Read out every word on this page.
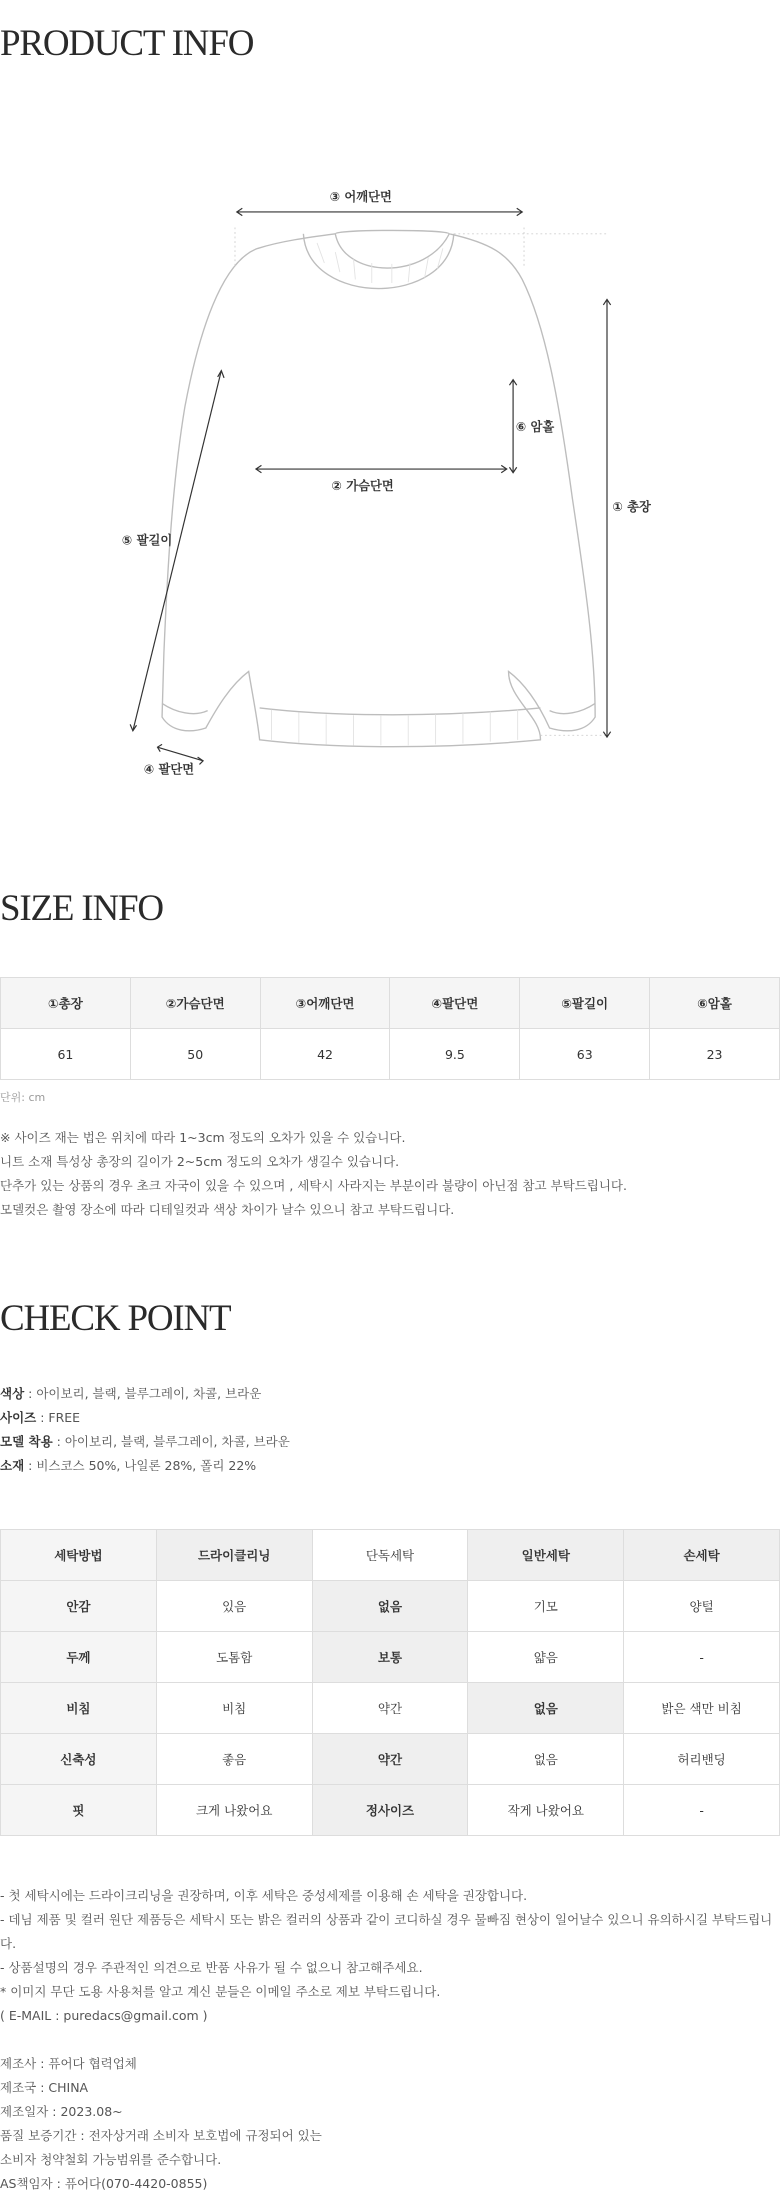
PRODUCT INFO
③ 어깨단면
⑥ 암홀
② 가슴단면
① 총장
⑤ 팔길이
④ 팔단면
SIZE INFO
①총장	②가슴단면	③어깨단면	④팔단면	⑤팔길이	⑥암홀
61	50	42	9.5	63	23
단위: cm
※ 사이즈 재는 법은 위치에 따라 1~3cm 정도의 오차가 있을 수 있습니다.
니트 소재 특성상 총장의 길이가 2~5cm 정도의 오차가 생길수 있습니다.
단추가 있는 상품의 경우 초크 자국이 있을 수 있으며 , 세탁시 사라지는 부분이라 불량이 아닌점 참고 부탁드립니다.
모델컷은 촬영 장소에 따라 디테일컷과 색상 차이가 날수 있으니 참고 부탁드립니다.
CHECK POINT

색상 : 아이보리, 블랙, 블루그레이, 차콜, 브라운

사이즈 : FREE

모델 착용 : 아이보리, 블랙, 블루그레이, 차콜, 브라운

소재 : 비스코스 50%, 나일론 28%, 폴리 22%

세탁방법	드라이클리닝	단독세탁	일반세탁	손세탁
안감	있음	없음	기모	양털
두께	도톰함	보통	얇음	-
비침	비침	약간	없음	밝은 색만 비침
신축성	좋음	약간	없음	허리밴딩
핏	크게 나왔어요	정사이즈	작게 나왔어요	-
- 첫 세탁시에는 드라이크리닝을 권장하며, 이후 세탁은 중성세제를 이용해 손 세탁을 권장합니다.
- 데님 제품 및 컬러 원단 제품등은 세탁시 또는 밝은 컬러의 상품과 같이 코디하실 경우 물빠짐 현상이 일어날수 있으니 유의하시길 부탁드립니다.
- 상품설명의 경우 주관적인 의견으로 반품 사유가 될 수 없으니 참고해주세요.
* 이미지 무단 도용 사용처를 알고 계신 분들은 이메일 주소로 제보 부탁드립니다.
( E-MAIL : puredacs@gmail.com )
제조사 : 퓨어다 협력업체
제조국 : CHINA
제조일자 : 2023.08~
품질 보증기간 : 전자상거래 소비자 보호법에 규정되어 있는
소비자 청약철회 가능범위를 준수합니다.
AS책임자 : 퓨어다(070-4420-0855)
